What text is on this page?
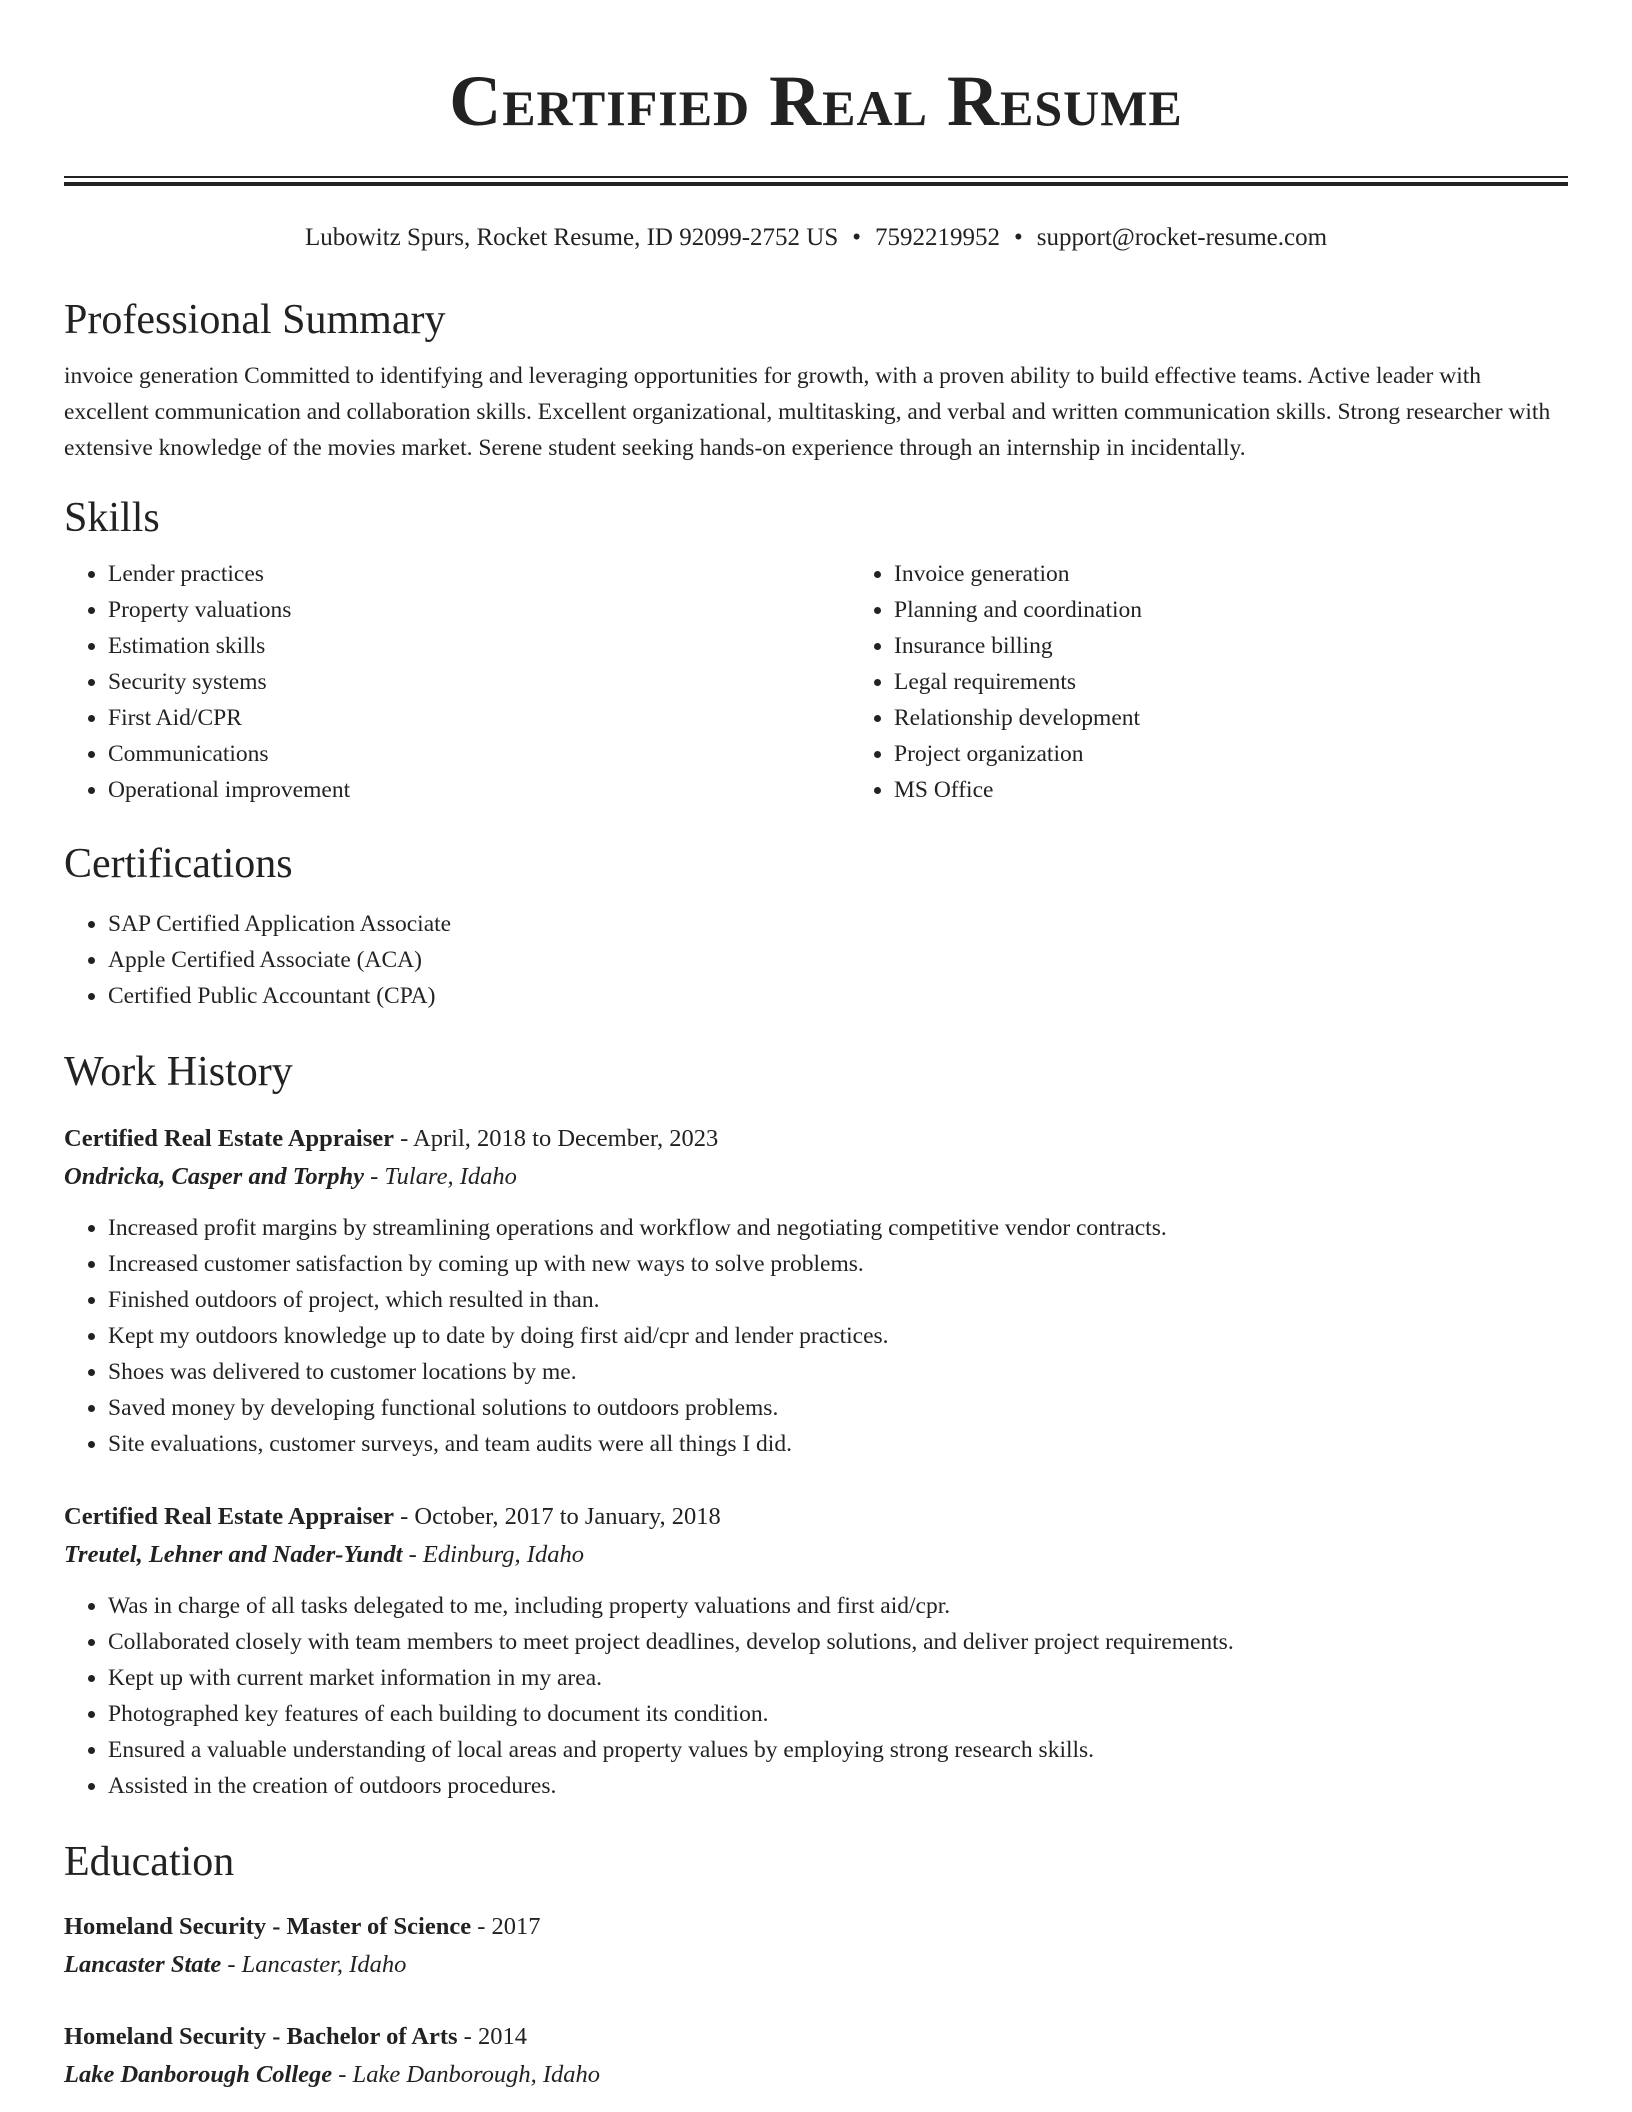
Certified Real Resume
Lubowitz Spurs, Rocket Resume, ID 92099-2752 US • 7592219952 • support@rocket-resume.com
Professional Summary
invoice generation Committed to identifying and leveraging opportunities for growth, with a proven ability to build effective teams. Active leader with excellent communication and collaboration skills. Excellent organizational, multitasking, and verbal and written communication skills. Strong researcher with extensive knowledge of the movies market. Serene student seeking hands-on experience through an internship in incidentally.
Skills
• Lender practices
• Property valuations
• Estimation skills
• Security systems
• First Aid/CPR
• Communications
• Operational improvement
• Invoice generation
• Planning and coordination
• Insurance billing
• Legal requirements
• Relationship development
• Project organization
• MS Office
Certifications
• SAP Certified Application Associate
• Apple Certified Associate (ACA)
• Certified Public Accountant (CPA)
Work History
Certified Real Estate Appraiser - April, 2018 to December, 2023
Ondricka, Casper and Torphy - Tulare, Idaho
• Increased profit margins by streamlining operations and workflow and negotiating competitive vendor contracts.
• Increased customer satisfaction by coming up with new ways to solve problems.
• Finished outdoors of project, which resulted in than.
• Kept my outdoors knowledge up to date by doing first aid/cpr and lender practices.
• Shoes was delivered to customer locations by me.
• Saved money by developing functional solutions to outdoors problems.
• Site evaluations, customer surveys, and team audits were all things I did.
Certified Real Estate Appraiser - October, 2017 to January, 2018
Treutel, Lehner and Nader-Yundt - Edinburg, Idaho
• Was in charge of all tasks delegated to me, including property valuations and first aid/cpr.
• Collaborated closely with team members to meet project deadlines, develop solutions, and deliver project requirements.
• Kept up with current market information in my area.
• Photographed key features of each building to document its condition.
• Ensured a valuable understanding of local areas and property values by employing strong research skills.
• Assisted in the creation of outdoors procedures.
Education
Homeland Security - Master of Science - 2017
Lancaster State - Lancaster, Idaho
Homeland Security - Bachelor of Arts - 2014
Lake Danborough College - Lake Danborough, Idaho
